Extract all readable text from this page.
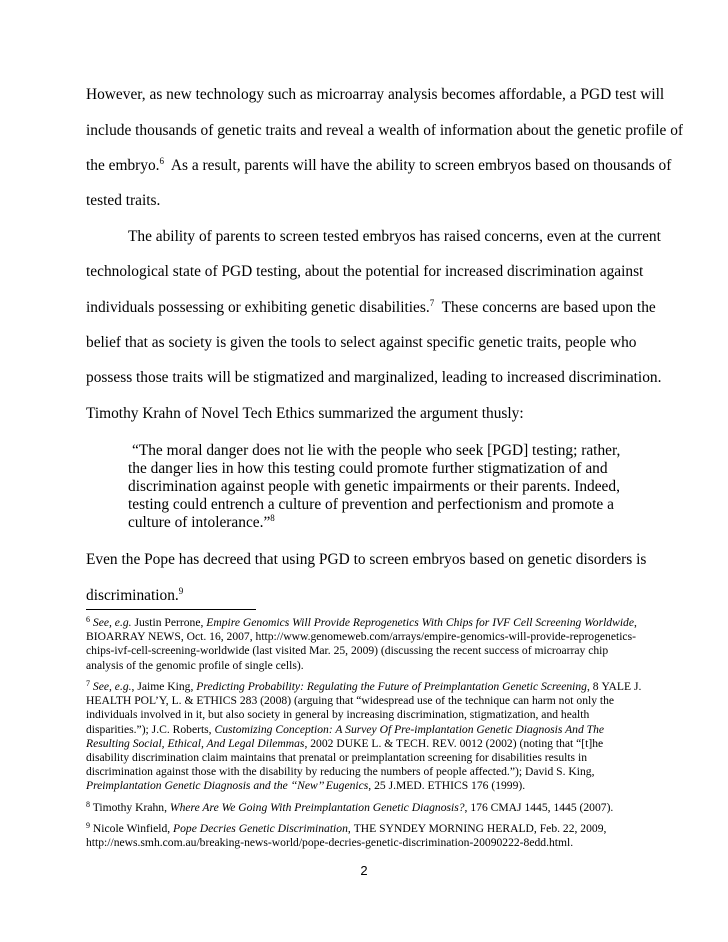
However, as new technology such as microarray analysis becomes affordable, a PGD test will
include thousands of genetic traits and reveal a wealth of information about the genetic profile of
the embryo.$^6$ As a result, parents will have the ability to screen embryos based on thousands of
tested traits.
The ability of parents to screen tested embryos has raised concerns, even at the current
technological state of PGD testing, about the potential for increased discrimination against
individuals possessing or exhibiting genetic disabilities.$^7$ These concerns are based upon the
belief that as society is given the tools to select against specific genetic traits, people who
possess those traits will be stigmatized and marginalized, leading to increased discrimination.
Timothy Krahn of Novel Tech Ethics summarized the argument thusly:
“The moral danger does not lie with the people who seek [PGD] testing; rather,
the danger lies in how this testing could promote further stigmatization of and
discrimination against people with genetic impairments or their parents. Indeed,
testing could entrench a culture of prevention and perfectionism and promote a
culture of intolerance.”$^8$
Even the Pope has decreed that using PGD to screen embryos based on genetic disorders is
discrimination.$^9$
$^6$ See, e.g. Justin Perrone, Empire Genomics Will Provide Reprogenetics With Chips for IVF Cell Screening Worldwide, BIOARRAY NEWS, Oct. 16, 2007, http://www.genomeweb.com/arrays/empire-genomics-will-provide-reprogenetics-chips-ivf-cell-screening-worldwide (last visited Mar. 25, 2009) (discussing the recent success of microarray chip analysis of the genomic profile of single cells).
$^7$ See, e.g., Jaime King, Predicting Probability: Regulating the Future of Preimplantation Genetic Screening, 8 YALE J. HEALTH POL’Y, L. & ETHICS 283 (2008) (arguing that “widespread use of the technique can harm not only the individuals involved in it, but also society in general by increasing discrimination, stigmatization, and health disparities.”); J.C. Roberts, Customizing Conception: A Survey Of Pre-implantation Genetic Diagnosis And The Resulting Social, Ethical, And Legal Dilemmas, 2002 DUKE L. & TECH. REV. 0012 (2002) (noting that “[t]he disability discrimination claim maintains that prenatal or preimplantation screening for disabilities results in discrimination against those with the disability by reducing the numbers of people affected.”); David S. King, Preimplantation Genetic Diagnosis and the ‘‘New’’ Eugenics, 25 J.MED. ETHICS 176 (1999).
$^8$ Timothy Krahn, Where Are We Going With Preimplantation Genetic Diagnosis?, 176 CMAJ 1445, 1445 (2007).
$^9$ Nicole Winfield, Pope Decries Genetic Discrimination, THE SYNDEY MORNING HERALD, Feb. 22, 2009, http://news.smh.com.au/breaking-news-world/pope-decries-genetic-discrimination-20090222-8edd.html.
2
